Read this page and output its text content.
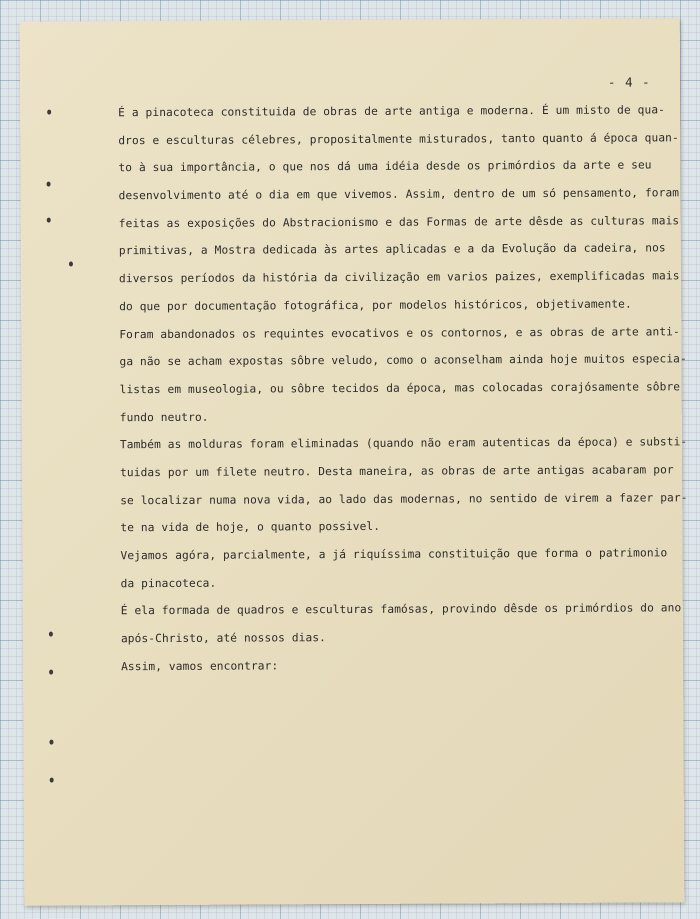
- 4 -
É a pinacoteca constituida de obras de arte antiga e moderna. É um misto de qua-
dros e esculturas célebres, propositalmente misturados, tanto quanto á época quan-
to à sua importância, o que nos dá uma idéia desde os primórdios da arte e seu
desenvolvimento até o dia em que vivemos. Assim, dentro de um só pensamento, foram
feitas as exposições do Abstracionismo e das Formas de arte dêsde as culturas mais
primitivas, a Mostra dedicada às artes aplicadas e a da Evolução da cadeira, nos
diversos períodos da história da civilização em varios paizes, exemplificadas mais
do que por documentação fotográfica, por modelos históricos, objetivamente.
Foram abandonados os requintes evocativos e os contornos, e as obras de arte anti-
ga não se acham expostas sôbre veludo, como o aconselham ainda hoje muitos especia-
listas em museologia, ou sôbre tecidos da época, mas colocadas corajósamente sôbre
fundo neutro.
Também as molduras foram eliminadas (quando não eram autenticas da época) e substi-
tuidas por um filete neutro. Desta maneira, as obras de arte antigas acabaram por
se localizar numa nova vida, ao lado das modernas, no sentido de virem a fazer par-
te na vida de hoje, o quanto possivel.
Vejamos agóra, parcialmente, a já riquíssima constituição que forma o patrimonio
da pinacoteca.
É ela formada de quadros e esculturas famósas, provindo dêsde os primórdios do ano
após-Christo, até nossos dias.
Assim, vamos encontrar:
